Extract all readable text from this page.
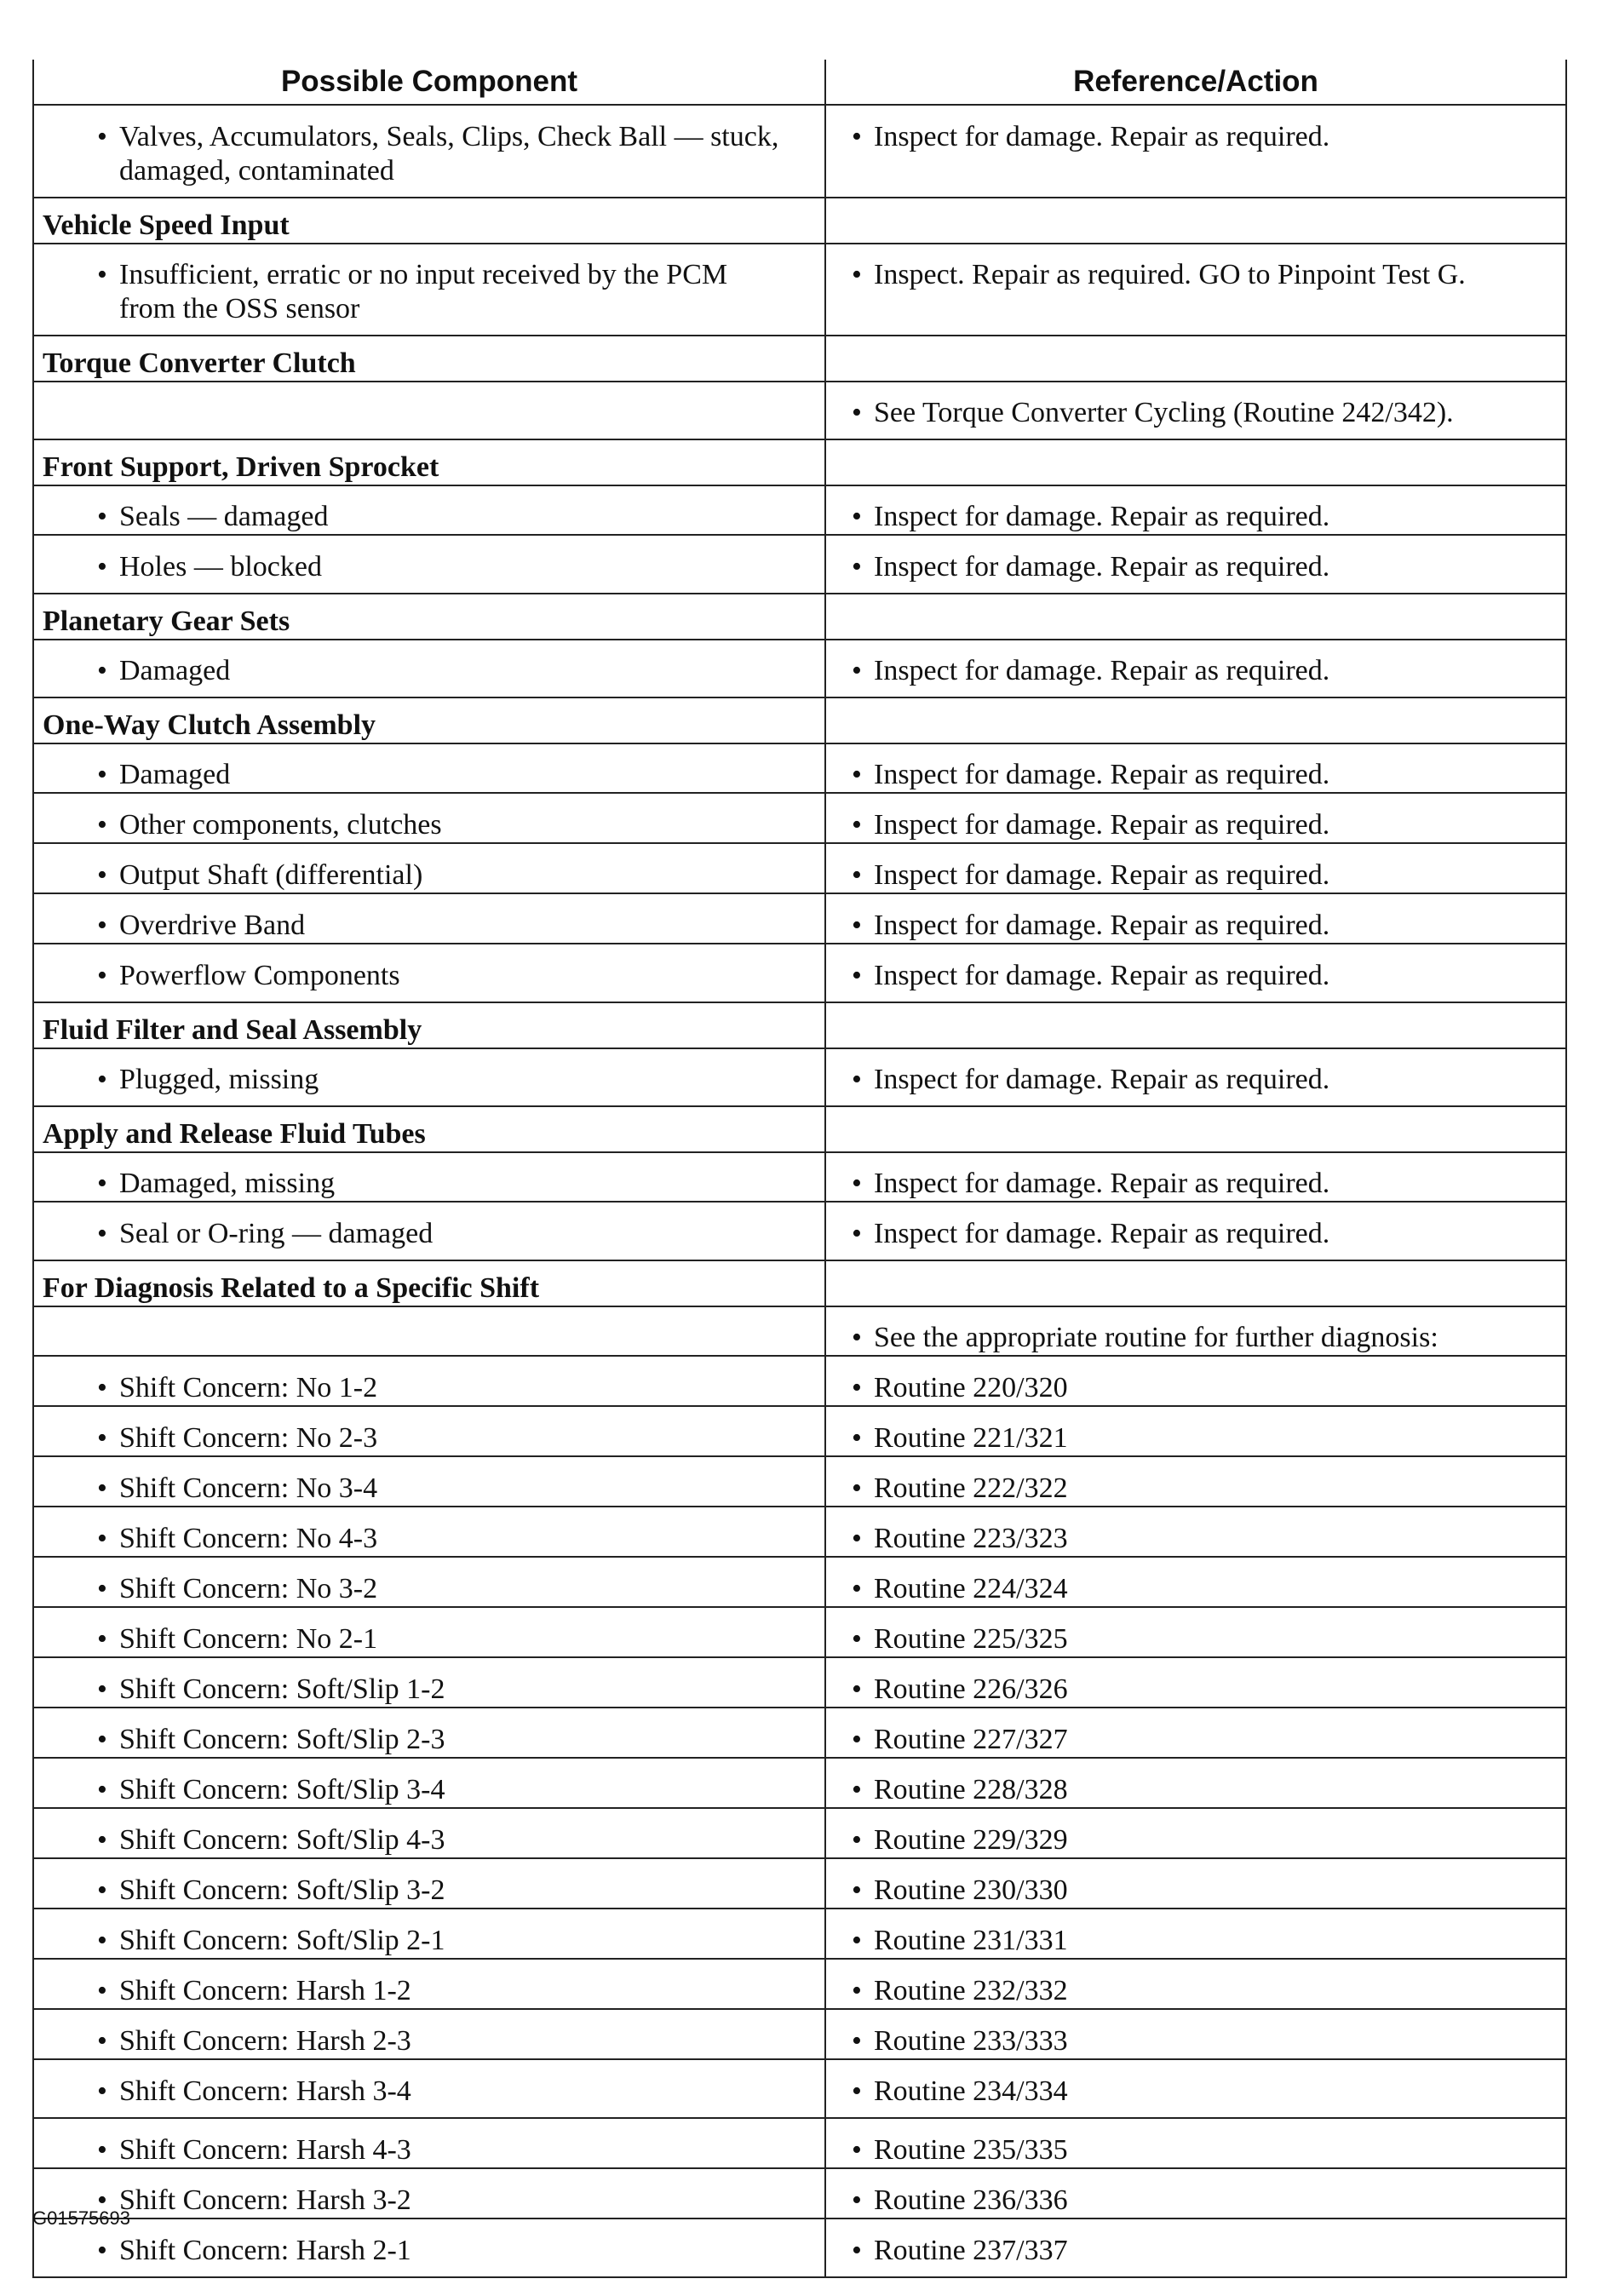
Possible Component	Reference/Action

• Valves, Accumulators, Seals, Clips, Check Ball — stuck, damaged, contaminated	• Inspect for damage. Repair as required.

Vehicle Speed Input	

• Insufficient, erratic or no input received by the PCM from the OSS sensor	• Inspect. Repair as required. GO to Pinpoint Test G.

Torque Converter Clutch	

	• See Torque Converter Cycling (Routine 242/342).

Front Support, Driven Sprocket	

• Seals — damaged	• Inspect for damage. Repair as required.

• Holes — blocked	• Inspect for damage. Repair as required.

Planetary Gear Sets	

• Damaged	• Inspect for damage. Repair as required.

One-Way Clutch Assembly	

• Damaged	• Inspect for damage. Repair as required.

• Other components, clutches	• Inspect for damage. Repair as required.

• Output Shaft (differential)	• Inspect for damage. Repair as required.

• Overdrive Band	• Inspect for damage. Repair as required.

• Powerflow Components	• Inspect for damage. Repair as required.

Fluid Filter and Seal Assembly	

• Plugged, missing	• Inspect for damage. Repair as required.

Apply and Release Fluid Tubes	

• Damaged, missing	• Inspect for damage. Repair as required.

• Seal or O-ring — damaged	• Inspect for damage. Repair as required.

For Diagnosis Related to a Specific Shift	

	• See the appropriate routine for further diagnosis:

• Shift Concern: No 1-2	• Routine 220/320

• Shift Concern: No 2-3	• Routine 221/321

• Shift Concern: No 3-4	• Routine 222/322

• Shift Concern: No 4-3	• Routine 223/323

• Shift Concern: No 3-2	• Routine 224/324

• Shift Concern: No 2-1	• Routine 225/325

• Shift Concern: Soft/Slip 1-2	• Routine 226/326

• Shift Concern: Soft/Slip 2-3	• Routine 227/327

• Shift Concern: Soft/Slip 3-4	• Routine 228/328

• Shift Concern: Soft/Slip 4-3	• Routine 229/329

• Shift Concern: Soft/Slip 3-2	• Routine 230/330

• Shift Concern: Soft/Slip 2-1	• Routine 231/331

• Shift Concern: Harsh 1-2	• Routine 232/332

• Shift Concern: Harsh 2-3	• Routine 233/333

• Shift Concern: Harsh 3-4	• Routine 234/334

• Shift Concern: Harsh 4-3	• Routine 235/335

• Shift Concern: Harsh 3-2	• Routine 236/336

• Shift Concern: Harsh 2-1	• Routine 237/337
G01575693
